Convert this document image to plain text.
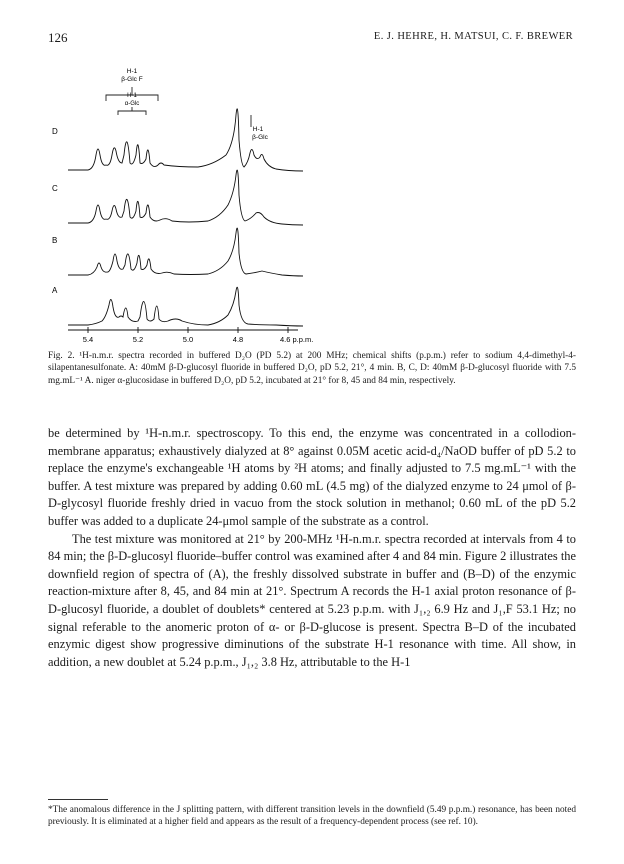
126	E. J. HEHRE, H. MATSUI, C. F. BREWER
H-1
β-Glc F
H-1
α-Glc
H-1
β-Glc
D
C
B
A
5.4	5.2	5.0	4.8	4.6 p.p.m.
Fig. 2. ¹H-n.m.r. spectra recorded in buffered D₂O (PD 5.2) at 200 MHz; chemical shifts (p.p.m.) refer to sodium 4,4-dimethyl-4-silapentanesulfonate. A: 40mM β-D-glucosyl fluoride in buffered D₂O, pD 5.2, 21°, 4 min. B, C, D: 40mM β-D-glucosyl fluoride with 7.5 mg.mL⁻¹ A. niger α-glucosidase in buffered D₂O, pD 5.2, incubated at 21° for 8, 45 and 84 min, respectively.

be determined by ¹H-n.m.r. spectroscopy. To this end, the enzyme was concentrated in a collodion-membrane apparatus; exhaustively dialyzed at 8° against 0.05M acetic acid-d₄/NaOD buffer of pD 5.2 to replace the enzyme's exchangeable ¹H atoms by ²H atoms; and finally adjusted to 7.5 mg.mL⁻¹ with the buffer. A test mixture was prepared by adding 0.60 mL (4.5 mg) of the dialyzed enzyme to 24 μmol of β-D-glycosyl fluoride freshly dried in vacuo from the stock solution in methanol; 0.60 mL of the pD 5.2 buffer was added to a duplicate 24-μmol sample of the substrate as a control.

The test mixture was monitored at 21° by 200-MHz ¹H-n.m.r. spectra recorded at intervals from 4 to 84 min; the β-D-glucosyl fluoride–buffer control was examined after 4 and 84 min. Figure 2 illustrates the downfield region of spectra of (A), the freshly dissolved substrate in buffer and (B–D) of the enzymic reaction-mixture after 8, 45, and 84 min at 21°. Spectrum A records the H-1 axial proton resonance of β-D-glucosyl fluoride, a doublet of doublets* centered at 5.23 p.p.m. with J₁,₂ 6.9 Hz and J₁,F 53.1 Hz; no signal referable to the anomeric proton of α- or β-D-glucose is present. Spectra B–D of the incubated enzymic digest show progressive diminutions of the substrate H-1 resonance with time. All show, in addition, a new doublet at 5.24 p.p.m., J₁,₂ 3.8 Hz, attributable to the H-1

*The anomalous difference in the J splitting pattern, with different transition levels in the downfield (5.49 p.p.m.) resonance, has been noted previously. It is eliminated at a higher field and appears as the result of a frequency-dependent process (see ref. 10).
